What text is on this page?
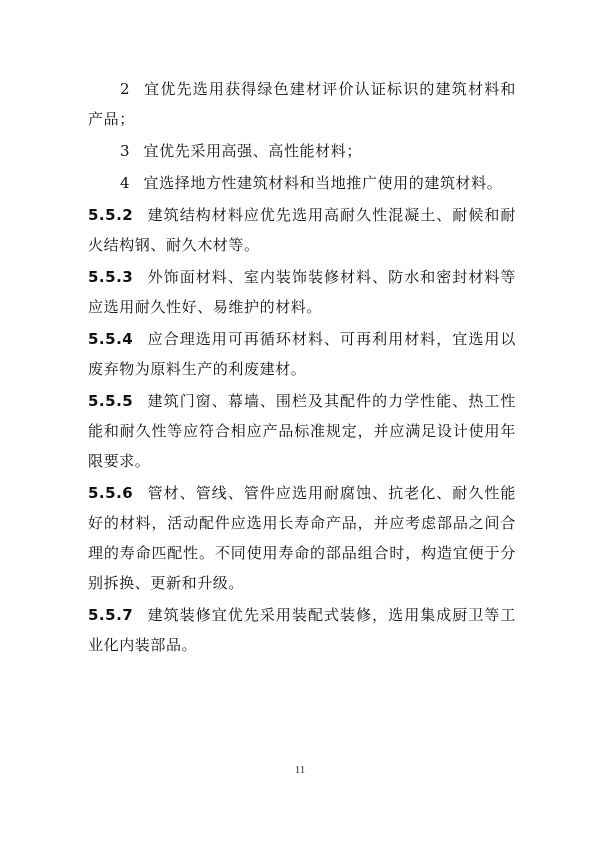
2 宜优先选用获得绿色建材评价认证标识的建筑材料和产品；

3 宜优先采用高强、高性能材料；

4 宜选择地方性建筑材料和当地推广使用的建筑材料。

5.5.2 建筑结构材料应优先选用高耐久性混凝土、耐候和耐火结构钢、耐久木材等。

5.5.3 外饰面材料、室内装饰装修材料、防水和密封材料等应选用耐久性好、易维护的材料。

5.5.4 应合理选用可再循环材料、可再利用材料，宜选用以废弃物为原料生产的利废建材。

5.5.5 建筑门窗、幕墙、围栏及其配件的力学性能、热工性能和耐久性等应符合相应产品标准规定，并应满足设计使用年限要求。

5.5.6 管材、管线、管件应选用耐腐蚀、抗老化、耐久性能好的材料，活动配件应选用长寿命产品，并应考虑部品之间合理的寿命匹配性。不同使用寿命的部品组合时，构造宜便于分别拆换、更新和升级。

5.5.7 建筑装修宜优先采用装配式装修，选用集成厨卫等工业化内装部品。

11
